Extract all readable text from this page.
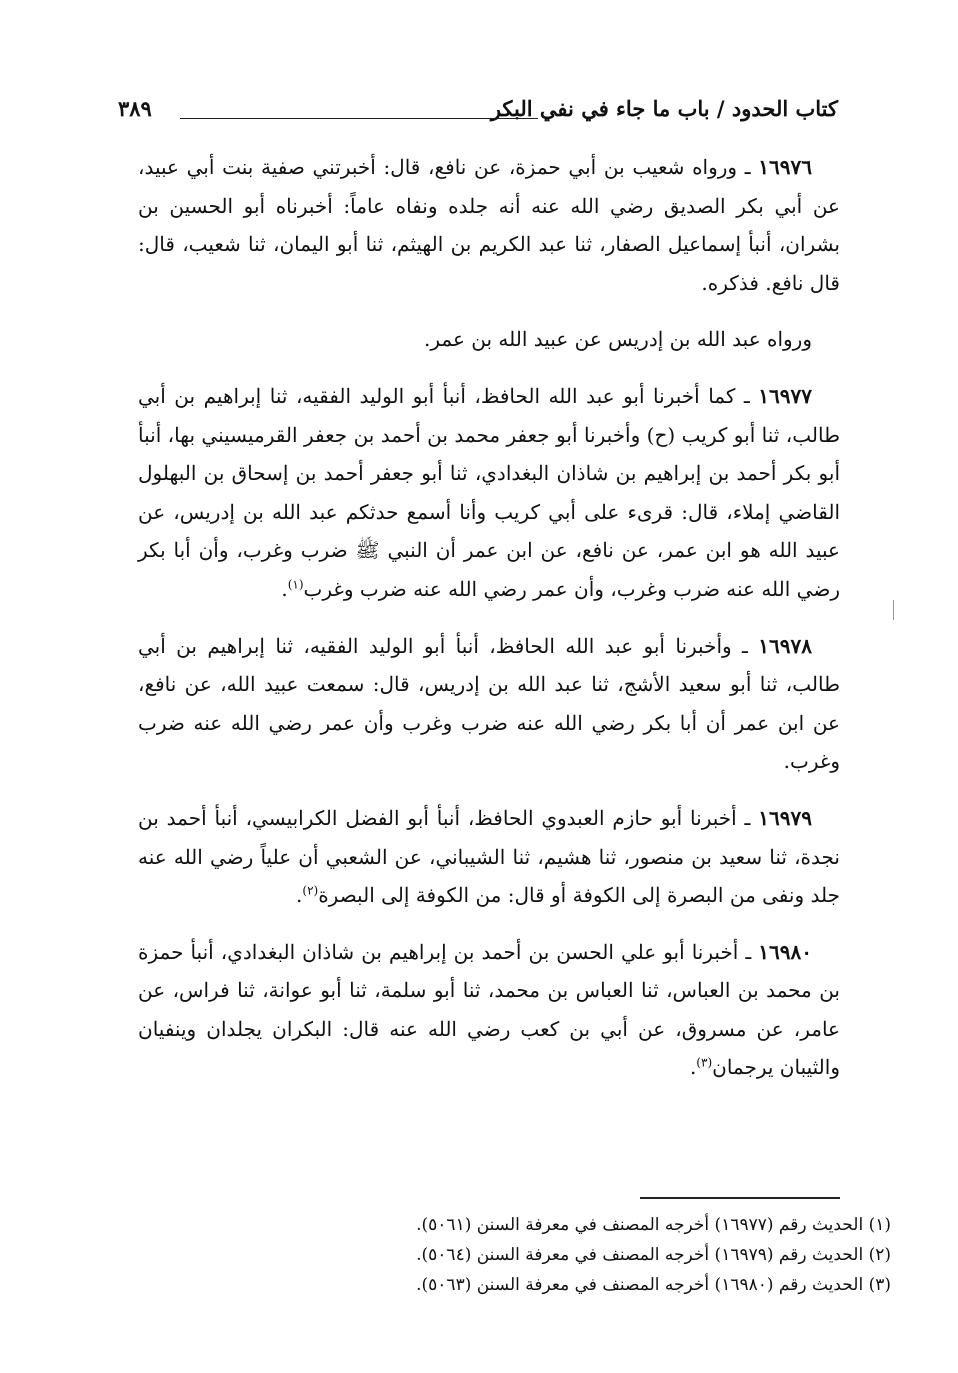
كتاب الحدود / باب ما جاء في نفي البكر
٣٨٩

١٦٩٧٦ ـ ورواه شعيب بن أبي حمزة، عن نافع، قال: أخبرتني صفية بنت أبي عبيد، عن أبي بكر الصديق رضي الله عنه أنه جلده ونفاه عاماً: أخبرناه أبو الحسين بن بشران، أنبأ إسماعيل الصفار، ثنا عبد الكريم بن الهيثم، ثنا أبو اليمان، ثنا شعيب، قال: قال نافع. فذكره.

ورواه عبد الله بن إدريس عن عبيد الله بن عمر.

١٦٩٧٧ ـ كما أخبرنا أبو عبد الله الحافظ، أنبأ أبو الوليد الفقيه، ثنا إبراهيم بن أبي طالب، ثنا أبو كريب (ح) وأخبرنا أبو جعفر محمد بن أحمد بن جعفر القرميسيني بها، أنبأ أبو بكر أحمد بن إبراهيم بن شاذان البغدادي، ثنا أبو جعفر أحمد بن إسحاق بن البهلول القاضي إملاء، قال: قرىء على أبي كريب وأنا أسمع حدثكم عبد الله بن إدريس، عن عبيد الله هو ابن عمر، عن نافع، عن ابن عمر أن النبي ﷺ ضرب وغرب، وأن أبا بكر رضي الله عنه ضرب وغرب، وأن عمر رضي الله عنه ضرب وغرب$^{(١)}$.

١٦٩٧٨ ـ وأخبرنا أبو عبد الله الحافظ، أنبأ أبو الوليد الفقيه، ثنا إبراهيم بن أبي طالب، ثنا أبو سعيد الأشج، ثنا عبد الله بن إدريس، قال: سمعت عبيد الله، عن نافع، عن ابن عمر أن أبا بكر رضي الله عنه ضرب وغرب وأن عمر رضي الله عنه ضرب وغرب.

١٦٩٧٩ ـ أخبرنا أبو حازم العبدوي الحافظ، أنبأ أبو الفضل الكرابيسي، أنبأ أحمد بن نجدة، ثنا سعيد بن منصور، ثنا هشيم، ثنا الشيباني، عن الشعبي أن علياً رضي الله عنه جلد ونفى من البصرة إلى الكوفة أو قال: من الكوفة إلى البصرة$^{(٢)}$.

١٦٩٨٠ ـ أخبرنا أبو علي الحسن بن أحمد بن إبراهيم بن شاذان البغدادي، أنبأ حمزة بن محمد بن العباس، ثنا العباس بن محمد، ثنا أبو سلمة، ثنا أبو عوانة، ثنا فراس، عن عامر، عن مسروق، عن أبي بن كعب رضي الله عنه قال: البكران يجلدان وينفيان والثيبان يرجمان$^{(٣)}$.

(١) الحديث رقم (١٦٩٧٧) أخرجه المصنف في معرفة السنن (٥٠٦١).

(٢) الحديث رقم (١٦٩٧٩) أخرجه المصنف في معرفة السنن (٥٠٦٤).

(٣) الحديث رقم (١٦٩٨٠) أخرجه المصنف في معرفة السنن (٥٠٦٣).
